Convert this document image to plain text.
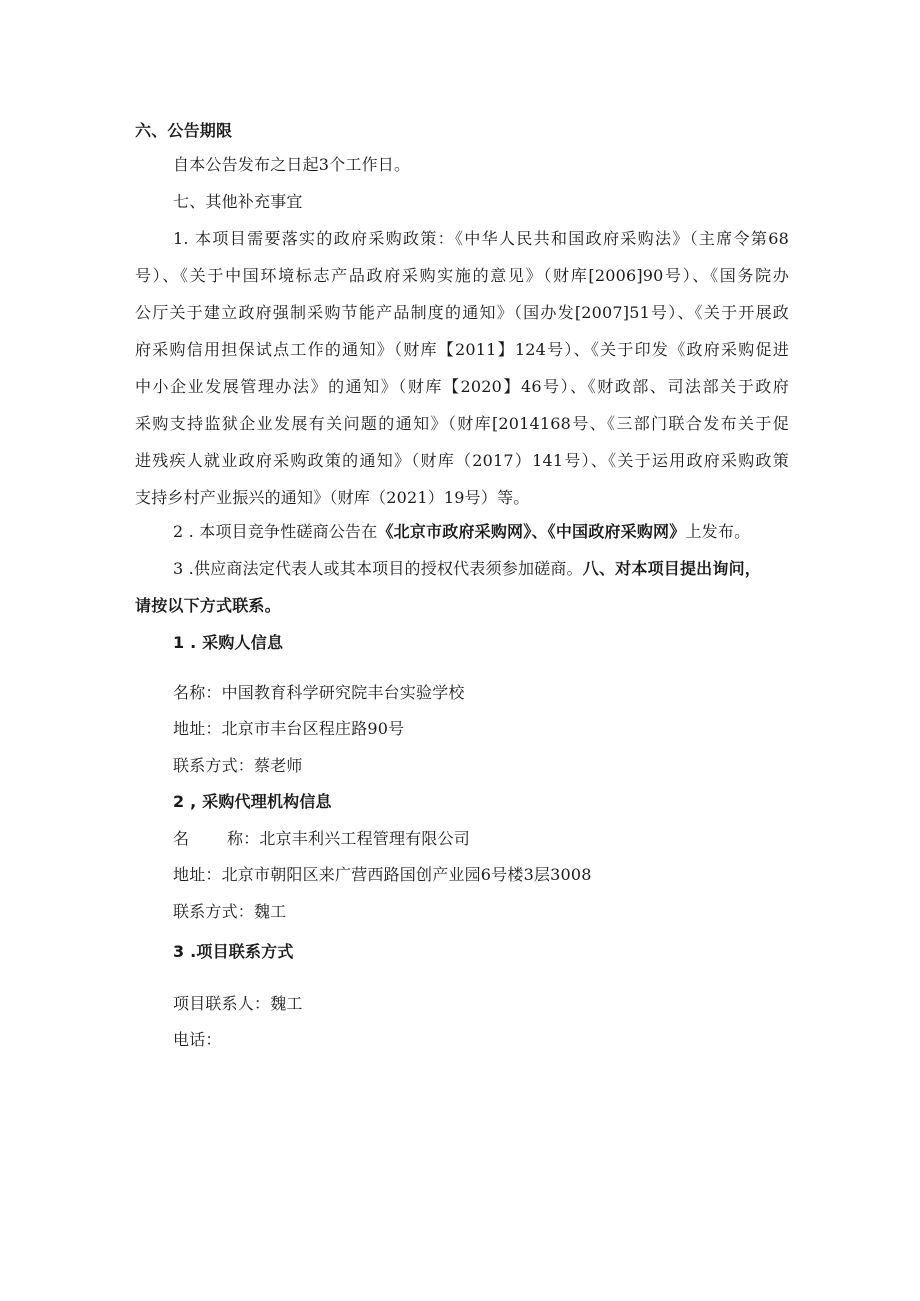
六、公告期限
自本公告发布之日起3个工作日。
七、其他补充事宜
1. 本项目需要落实的政府采购政策：《中华人民共和国政府采购法》（主席令第68
号）、《关于中国环境标志产品政府采购实施的意见》（财库[2006]90号）、《国务院办
公厅关于建立政府强制采购节能产品制度的通知》（国办发[2007]51号）、《关于开展政
府采购信用担保试点工作的通知》（财库【2011】124号）、《关于印发《政府采购促进
中小企业发展管理办法》的通知》（财库【2020】46号）、《财政部、司法部关于政府
采购支持监狱企业发展有关问题的通知》（财库[2014168号、《三部门联合发布关于促
进残疾人就业政府采购政策的通知》（财库（2017）141号）、《关于运用政府采购政策
支持乡村产业振兴的通知》（财库（2021）19号）等。
2 . 本项目竞争性磋商公告在《北京市政府采购网》、《中国政府采购网》上发布。
3 .供应商法定代表人或其本项目的授权代表须参加磋商。八、对本项目提出询问，
请按以下方式联系。
1 . 采购人信息
名称：中国教育科学研究院丰台实验学校
地址：北京市丰台区程庄路90号
联系方式：蔡老师
2 , 采购代理机构信息
名 称：北京丰利兴工程管理有限公司
地址：北京市朝阳区来广营西路国创产业园6号楼3层3008
联系方式：魏工
3 .项目联系方式
项目联系人：魏工
电话：
